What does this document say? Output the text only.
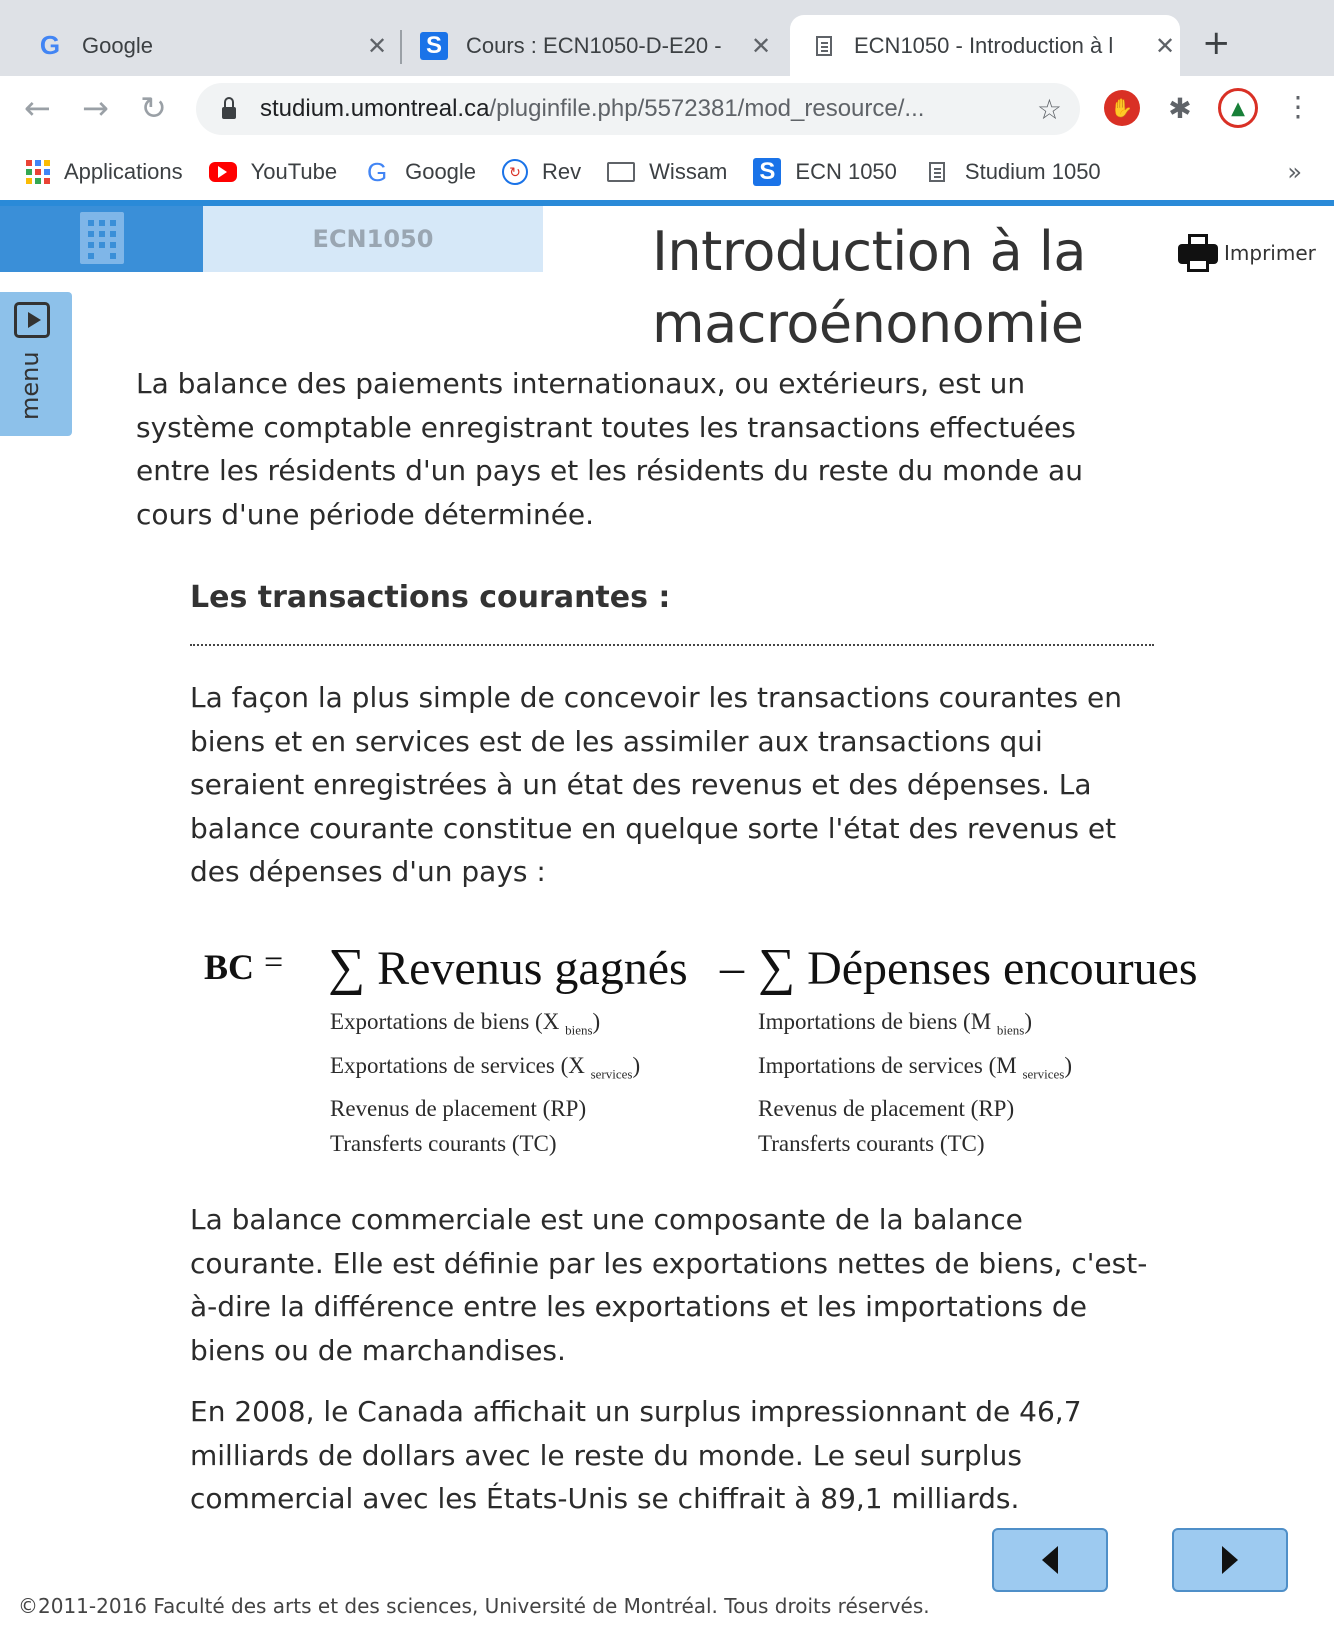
G Google	✕ S Cours : ECN1050-D-E20 -	✕	ECN1050 - Introduction à l	✕ +
← → ↻	studium.umontreal.ca/pluginfile.php/5572381/mod_resource/...	☆	✋ ✱	▲	⋮
Applications	YouTube G Google	↻ Rev	Wissam S ECN 1050	Studium 1050	»
ECN1050	Introduction à la
macroénonomie
Imprimer
menu	La balance des paiements internationaux, ou extérieurs, est un système comptable enregistrant toutes les transactions effectuées entre les résidents d'un pays et les résidents du reste du monde au cours d'une période déterminée.

Les transactions courantes :

La façon la plus simple de concevoir les transactions courantes en biens et en services est de les assimiler aux transactions qui seraient enregistrées à un état des revenus et des dépenses. La balance courante constitue en quelque sorte l'état des revenus et des dépenses d'un pays :

BC = ∑ Revenus gagnés – ∑ Dépenses encourues
Exportations de biens (X $_{biens}$)
Exportations de services (X $_{services}$)
Revenus de placement (RP)
Transferts courants (TC)
Importations de biens (M $_{biens}$)
Importations de services (M $_{services}$)
Revenus de placement (RP)
Transferts courants (TC)

La balance commerciale est une composante de la balance courante. Elle est définie par les exportations nettes de biens, c'est-à-dire la différence entre les exportations et les importations de biens ou de marchandises.

En 2008, le Canada affichait un surplus impressionnant de 46,7 milliards de dollars avec le reste du monde. Le seul surplus commercial avec les États-Unis se chiffrait à 89,1 milliards.

©2011-2016 Faculté des arts et des sciences, Université de Montréal. Tous droits réservés.
